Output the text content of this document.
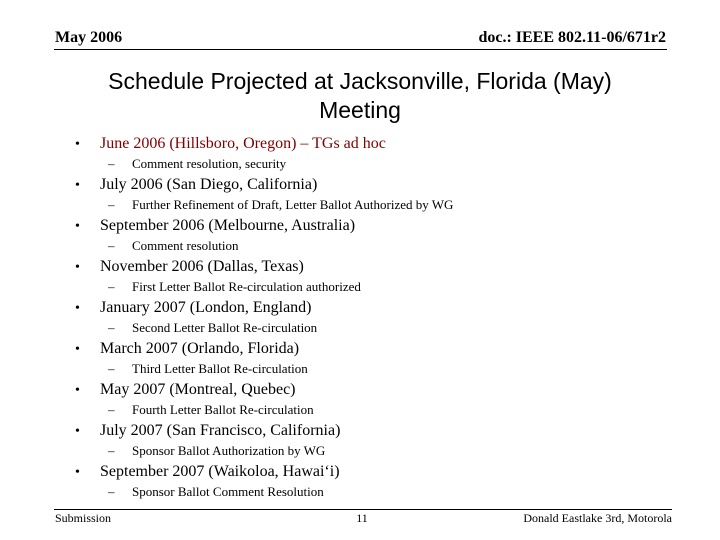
May 2006	doc.: IEEE 802.11-06/671r2
Schedule Projected at Jacksonville, Florida (May)
Meeting
• June 2006 (Hillsboro, Oregon) – TGs ad hoc
– Comment resolution, security
• July 2006 (San Diego, California)
– Further Refinement of Draft, Letter Ballot Authorized by WG
• September 2006 (Melbourne, Australia)
– Comment resolution
• November 2006 (Dallas, Texas)
– First Letter Ballot Re-circulation authorized
• January 2007 (London, England)
– Second Letter Ballot Re-circulation
• March 2007 (Orlando, Florida)
– Third Letter Ballot Re-circulation
• May 2007 (Montreal, Quebec)
– Fourth Letter Ballot Re-circulation
• July 2007 (San Francisco, California)
– Sponsor Ballot Authorization by WG
• September 2007 (Waikoloa, Hawai‘i)
– Sponsor Ballot Comment Resolution
Submission	11	Donald Eastlake 3rd, Motorola
